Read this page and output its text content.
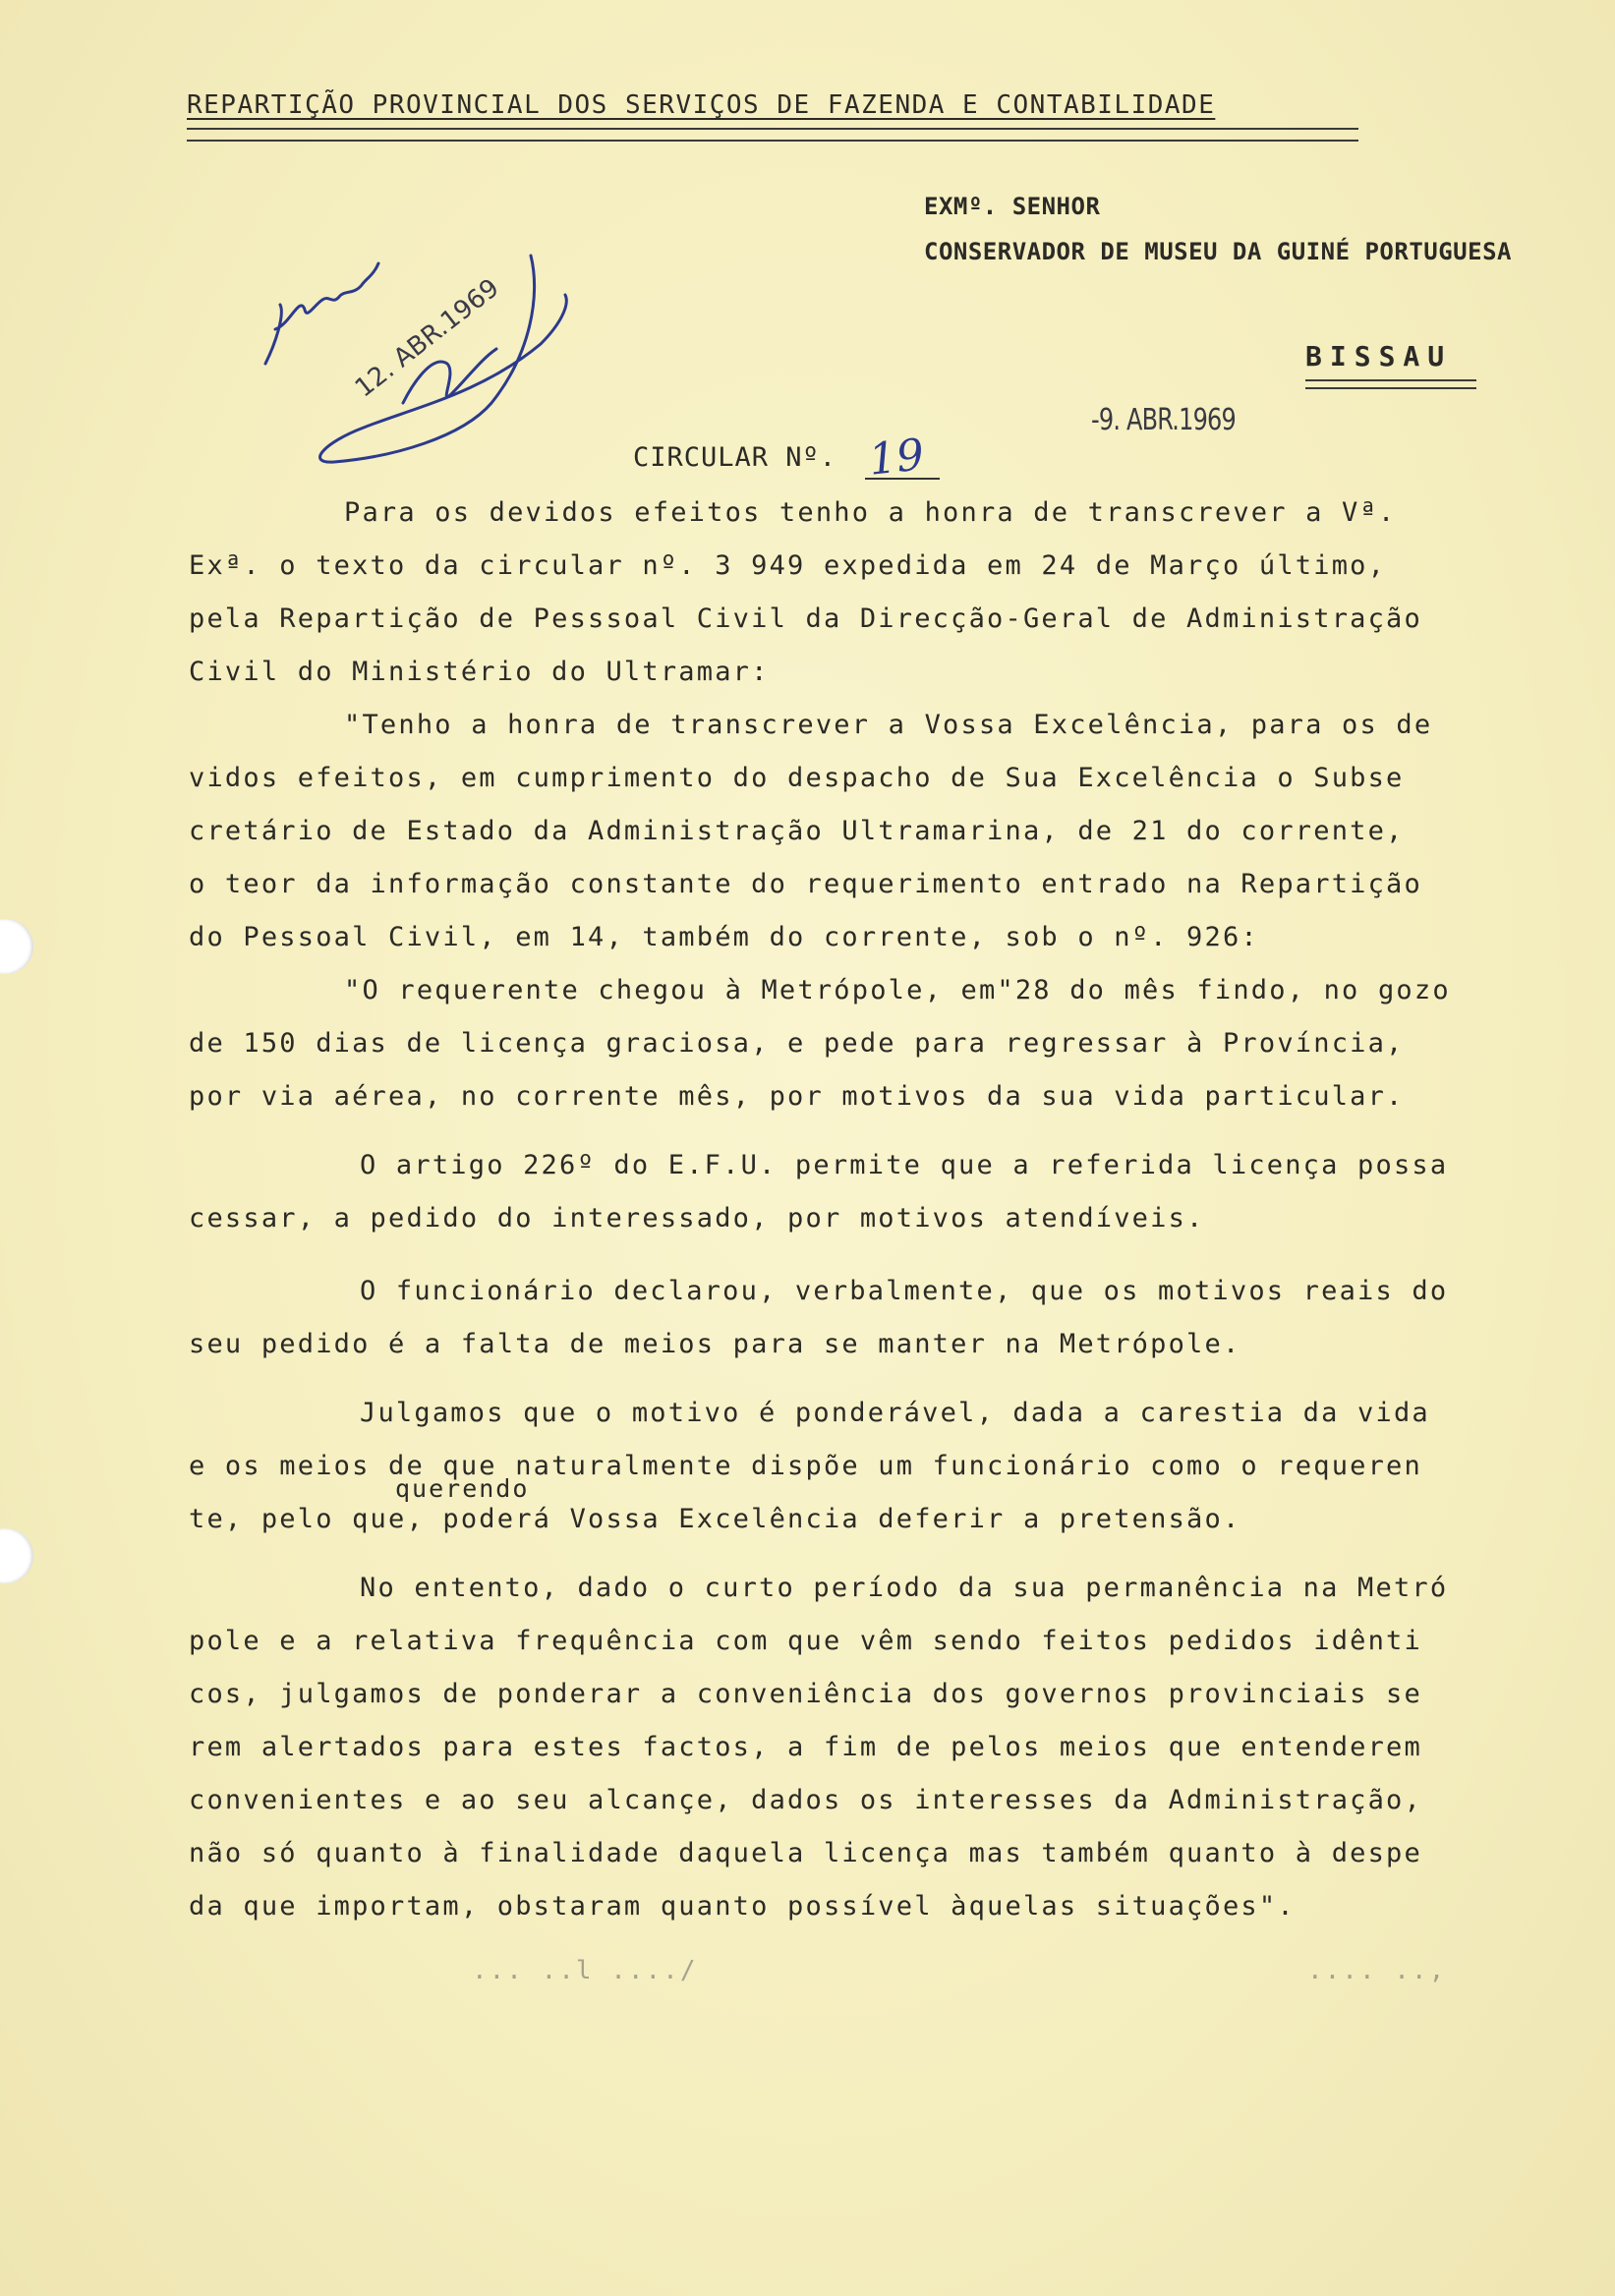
REPARTIÇÃO PROVINCIAL DOS SERVIÇOS DE FAZENDA E CONTABILIDADE
EXMº. SENHOR
CONSERVADOR DE MUSEU DA GUINÉ PORTUGUESA
BISSAU
-9. ABR.1969
12. ABR.1969
CIRCULAR Nº. 19
Para os devidos efeitos tenho a honra de transcrever a Vª.
Exª. o texto da circular nº. 3 949 expedida em 24 de Março último,
pela Repartição de Pesssoal Civil da Direcção-Geral de Administração
Civil do Ministério do Ultramar:
"Tenho a honra de transcrever a Vossa Excelência, para os de
vidos efeitos, em cumprimento do despacho de Sua Excelência o Subse
cretário de Estado da Administração Ultramarina, de 21 do corrente,
o teor da informação constante do requerimento entrado na Repartição
do Pessoal Civil, em 14, também do corrente, sob o nº. 926:
"O requerente chegou à Metrópole, em"28 do mês findo, no gozo
de 150 dias de licença graciosa, e pede para regressar à Província,
por via aérea, no corrente mês, por motivos da sua vida particular.
O artigo 226º do E.F.U. permite que a referida licença possa
cessar, a pedido do interessado, por motivos atendíveis.
O funcionário declarou, verbalmente, que os motivos reais do
seu pedido é a falta de meios para se manter na Metrópole.
Julgamos que o motivo é ponderável, dada a carestia da vida
e os meios de que naturalmente dispõe um funcionário como o requeren
querendo
te, pelo que, poderá Vossa Excelência deferir a pretensão.
No entento, dado o curto período da sua permanência na Metró
pole e a relativa frequência com que vêm sendo feitos pedidos idênti
cos, julgamos de ponderar a conveniência dos governos provinciais se
rem alertados para estes factos, a fim de pelos meios que entenderem
convenientes e ao seu alcançe, dados os interesses da Administração,
não só quanto à finalidade daquela licença mas também quanto à despe
da que importam, obstaram quanto possível àquelas situações".
... ..l ..../	.... ..,
